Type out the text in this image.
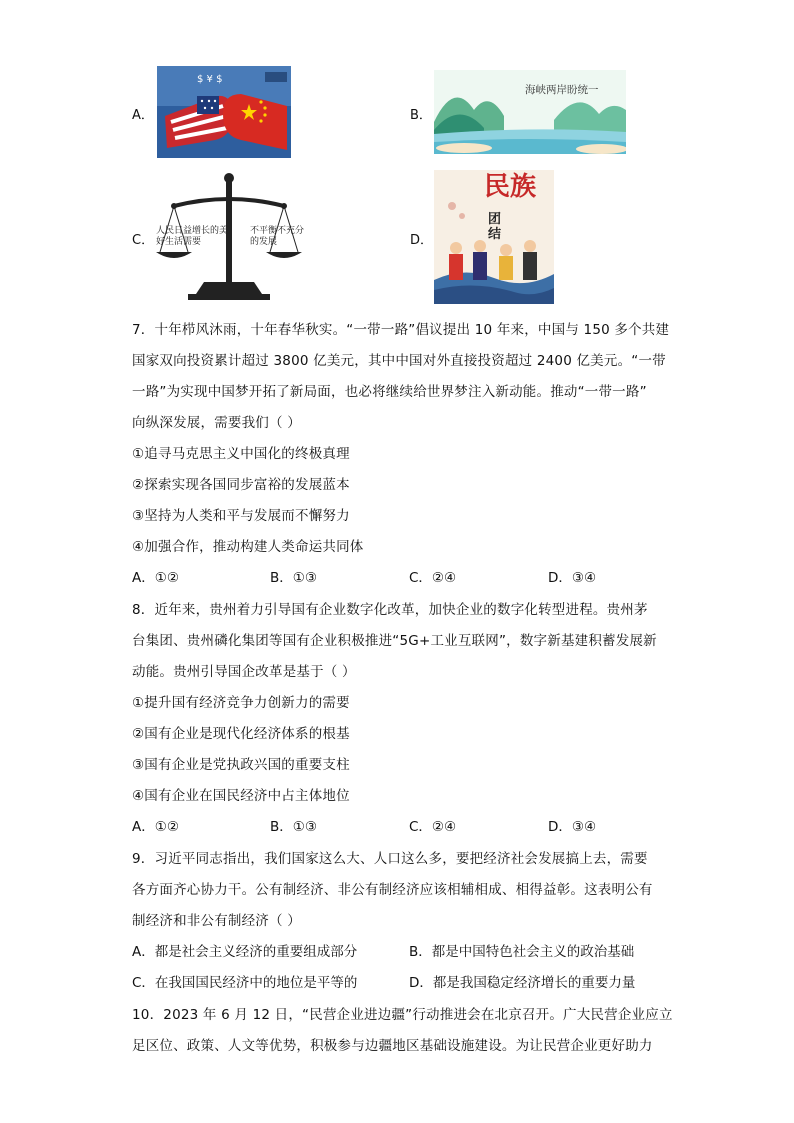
A．
$ ¥ $
B．
海峡两岸盼统一
C．
人民日益增长的美好生活需要
不平衡不充分的发展	D．
民族
团结
7．十年栉风沐雨，十年春华秋实。“一带一路”倡议提出 10 年来，中国与 150 多个共建
国家双向投资累计超过 3800 亿美元，其中中国对外直接投资超过 2400 亿美元。“一带
一路”为实现中国梦开拓了新局面，也必将继续给世界梦注入新动能。推动“一带一路”
向纵深发展，需要我们（ ）
①追寻马克思主义中国化的终极真理
②探索实现各国同步富裕的发展蓝本
③坚持为人类和平与发展而不懈努力
④加强合作，推动构建人类命运共同体
A．①②	B．①③	C．②④	D．③④
8．近年来，贵州着力引导国有企业数字化改革，加快企业的数字化转型进程。贵州茅
台集团、贵州磷化集团等国有企业积极推进“5G+工业互联网”，数字新基建积蓄发展新
动能。贵州引导国企改革是基于（ ）
①提升国有经济竞争力创新力的需要
②国有企业是现代化经济体系的根基
③国有企业是党执政兴国的重要支柱
④国有企业在国民经济中占主体地位
A．①②	B．①③	C．②④	D．③④
9．习近平同志指出，我们国家这么大、人口这么多，要把经济社会发展搞上去，需要
各方面齐心协力干。公有制经济、非公有制经济应该相辅相成、相得益彰。这表明公有
制经济和非公有制经济（ ）
A．都是社会主义经济的重要组成部分	B．都是中国特色社会主义的政治基础
C．在我国国民经济中的地位是平等的	D．都是我国稳定经济增长的重要力量
10．2023 年 6 月 12 日，“民营企业进边疆”行动推进会在北京召开。广大民营企业应立
足区位、政策、人文等优势，积极参与边疆地区基础设施建设。为让民营企业更好助力
